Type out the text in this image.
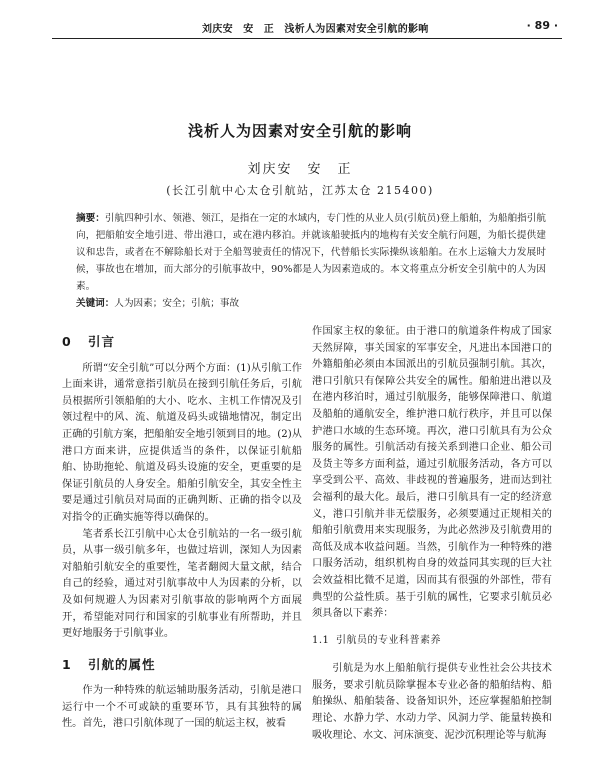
刘庆安　安　正　浅析人为因素对安全引航的影响	· 89 ·
浅析人为因素对安全引航的影响
刘庆安　安　正
(长江引航中心太仓引航站，江苏太仓 215400)
摘要：引航四种引水、领港、领江，是指在一定的水域内，专门性的从业人员(引航员)登上船舶，为船舶指引航向，把船舶安全地引进、带出港口，或在港内移泊。并就该船驶抵内的地构有关安全航行问题，为船长提供建议和忠告，或者在不解除船长对于全船驾驶责任的情况下，代替船长实际操纵该船舶。在水上运输大力发展时候，事故也在增加，而大部分的引航事故中，90%都是人为因素造成的。本文将重点分析安全引航中的人为因素。
关键词：人为因素；安全；引航；事故
0 引言

所谓“安全引航”可以分两个方面：(1)从引航工作上面来讲，通常意指引航员在接到引航任务后，引航员根据所引领船舶的大小、吃水、主机工作情况及引领过程中的风、流、航道及码头或锚地情况，制定出正确的引航方案，把船舶安全地引领到目的地。(2)从港口方面来讲，应提供适当的条件，以保证引航船舶、协助拖轮、航道及码头设施的安全，更重要的是保证引航员的人身安全。船舶引航安全，其安全性主要是通过引航员对局面的正确判断、正确的指令以及对指令的正确实施等得以确保的。

笔者系长江引航中心太仓引航站的一名一级引航员，从事一级引航多年，也做过培训，深知人为因素对船舶引航安全的重要性，笔者翻阅大量文献，结合自己的经验，通过对引航事故中人为因素的分析，以及如何规避人为因素对引航事故的影响两个方面展开，希望能对同行和国家的引航事业有所帮助，并且更好地服务于引航事业。

1 引航的属性

作为一种特殊的航运辅助服务活动，引航是港口运行中一个不可或缺的重要环节，具有其独特的属性。首先，港口引航体现了一国的航运主权，被看

作国家主权的象征。由于港口的航道条件构成了国家天然屏障，事关国家的军事安全，凡进出本国港口的外籍船舶必须由本国派出的引航员强制引航。其次，港口引航只有保障公共安全的属性。船舶进出港以及在港内移泊时，通过引航服务，能够保障港口、航道及船舶的通航安全，维护港口航行秩序，并且可以保护港口水域的生态环境。再次，港口引航具有为公众服务的属性。引航活动有接关系到港口企业、船公司及货主等多方面利益，通过引航服务活动，各方可以享受到公平、高效、非歧视的普遍服务，进而达到社会福利的最大化。最后，港口引航具有一定的经济意义，港口引航并非无偿服务，必须要通过正规相关的船舶引航费用来实现服务，为此必然涉及引航费用的高低及成本收益问题。当然，引航作为一种特殊的港口服务活动，组织机构自身的效益同其实现的巨大社会效益相比微不足道，因而其有很强的外部性，带有典型的公益性质。基于引航的属性，它要求引航员必须具备以下素养：

1.1 引航员的专业科普素养

引航是为水上船舶航行提供专业性社会公共技术服务，要求引航员除掌握本专业必备的船舶结构、船舶操纵、船舶装备、设备知识外，还应掌握船舶控制理论、水静力学、水动力学、风洞力学、能量转换和吸收理论、水文、河床演变、泥沙沉积理论等与航海
